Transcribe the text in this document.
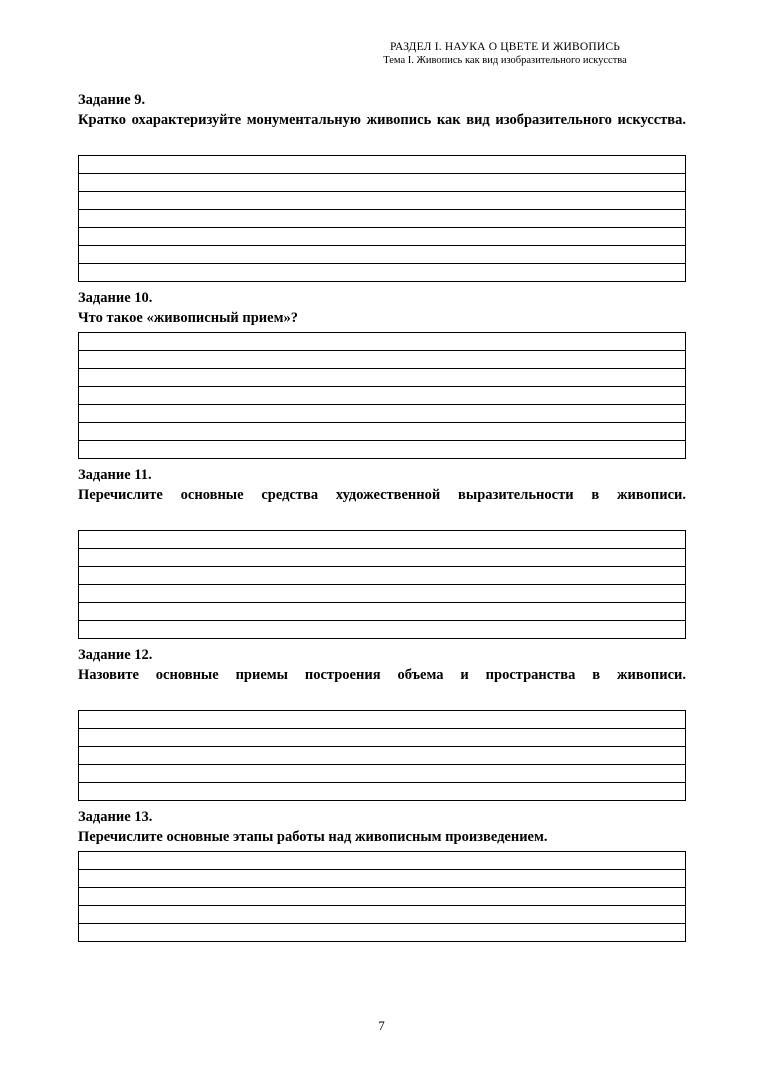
РАЗДЕЛ I. НАУКА О ЦВЕТЕ И ЖИВОПИСЬ
Тема I. Живопись как вид изобразительного искусства
Задание 9.
Кратко охарактеризуйте монументальную живопись как вид изобразительного искусства.

Задание 10.
Что такое «живописный прием»?

Задание 11.
Перечислите основные средства художественной выразительности в живописи.

Задание 12.
Назовите основные приемы построения объема и пространства в живописи.

Задание 13.
Перечислите основные этапы работы над живописным произведением.

7
